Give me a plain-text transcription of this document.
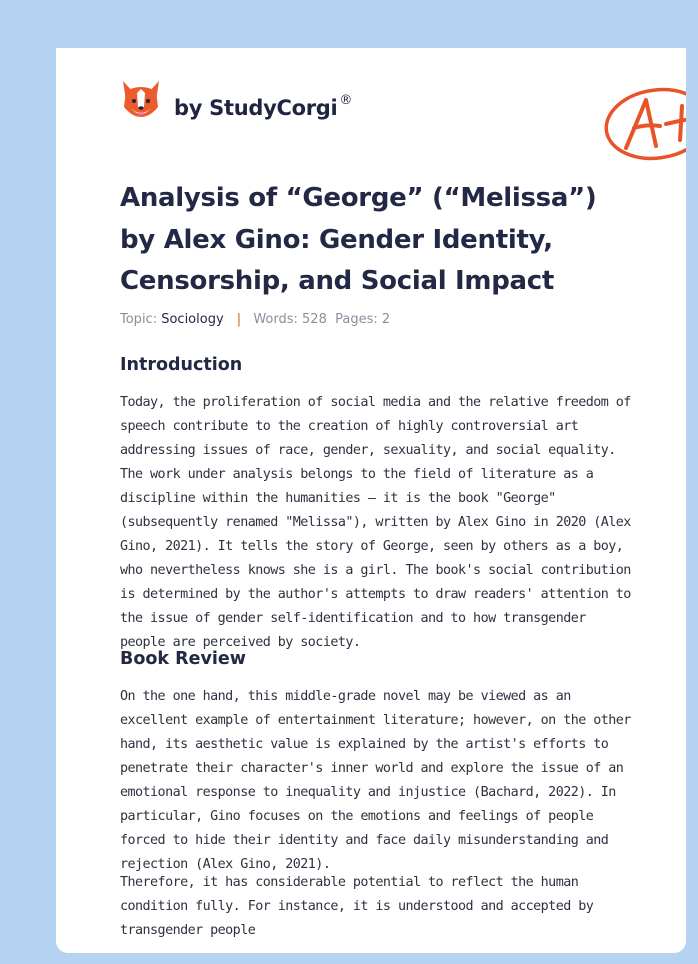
by StudyCorgi ®
Analysis of “George” (“Melissa”) by Alex Gino: Gender Identity, Censorship, and Social Impact
Topic: Sociology | Words: 528 Pages: 2
Introduction

Today, the proliferation of social media and the relative freedom of speech contribute to the creation of highly controversial art addressing issues of race, gender, sexuality, and social equality. The work under analysis belongs to the field of literature as a discipline within the humanities – it is the book "George" (subsequently renamed "Melissa"), written by Alex Gino in 2020 (Alex Gino, 2021). It tells the story of George, seen by others as a boy, who nevertheless knows she is a girl. The book's social contribution is determined by the author's attempts to draw readers' attention to the issue of gender self-identification and to how transgender people are perceived by society.

Book Review

On the one hand, this middle-grade novel may be viewed as an excellent example of entertainment literature; however, on the other hand, its aesthetic value is explained by the artist's efforts to penetrate their character's inner world and explore the issue of an emotional response to inequality and injustice (Bachard, 2022). In particular, Gino focuses on the emotions and feelings of people forced to hide their identity and face daily misunderstanding and rejection (Alex Gino, 2021).

Therefore, it has considerable potential to reflect the human condition fully. For instance, it is understood and accepted by transgender people
